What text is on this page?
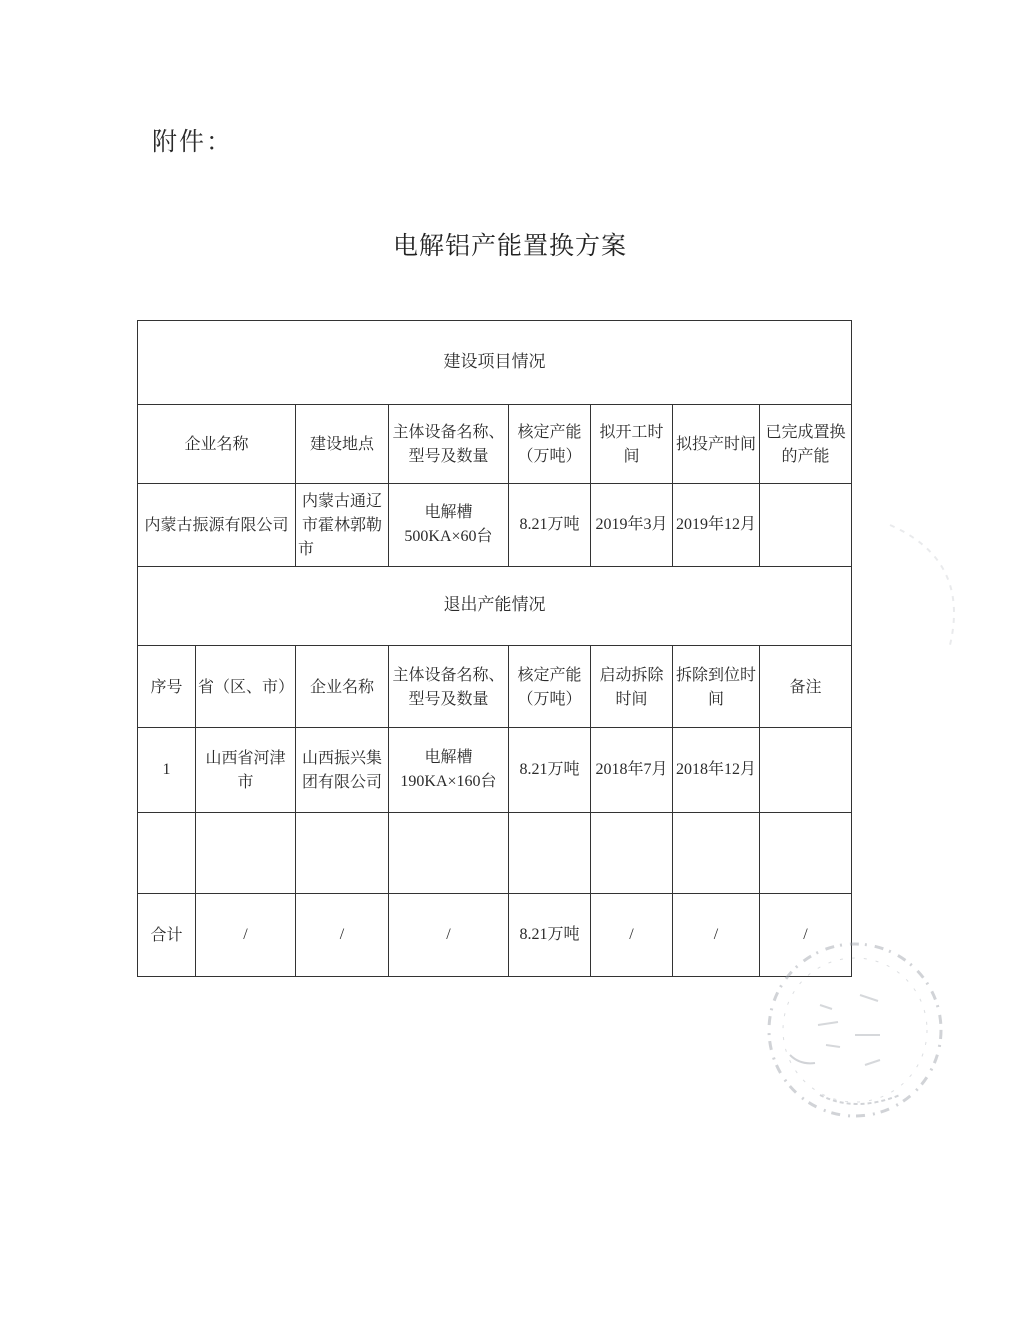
附件：
电解铝产能置换方案
建设项目情况							
企业名称		建设地点	主体设备名称、型号及数量	核定产能（万吨）	拟开工时间	拟投产时间	已完成置换的产能
内蒙古振源有限公司		内蒙古通辽市霍林郭勒市	电解槽500KA×60台	8.21万吨	2019年3月	2019年12月	
退出产能情况							
序号	省（区、市）	企业名称	主体设备名称、型号及数量	核定产能（万吨）	启动拆除时间	拆除到位时间	备注
1	山西省河津市	山西振兴集团有限公司	电解槽190KA×160台	8.21万吨	2018年7月	2018年12月	

合计	/	/	/	8.21万吨	/	/	/
